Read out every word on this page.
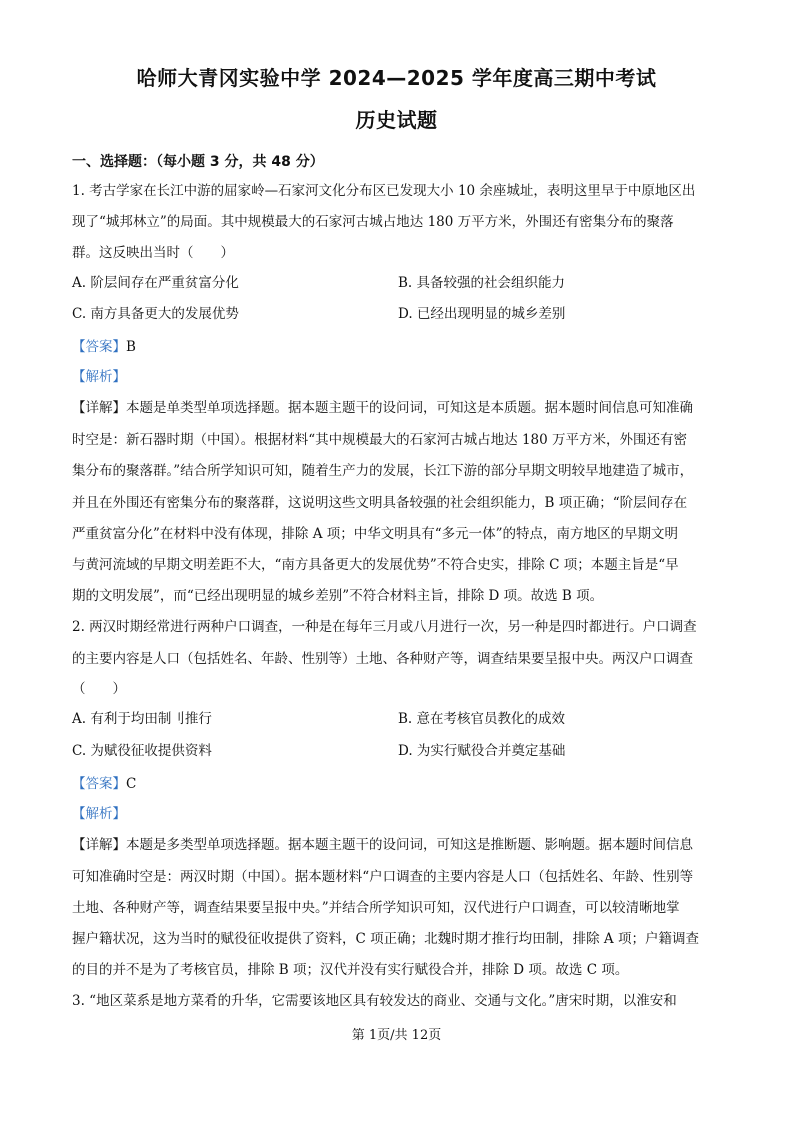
哈师大青冈实验中学 2024—2025 学年度高三期中考试
历史试题
一、选择题：（每小题 3 分，共 48 分）
1. 考古学家在长江中游的屈家岭—石家河文化分布区已发现大小 10 余座城址，表明这里早于中原地区出
现了“城邦林立”的局面。其中规模最大的石家河古城占地达 180 万平方米，外围还有密集分布的聚落
群。这反映出当时（　　）
A. 阶层间存在严重贫富分化	B. 具备较强的社会组织能力
C. 南方具备更大的发展优势	D. 已经出现明显的城乡差别
【答案】B
【解析】
【详解】本题是单类型单项选择题。据本题主题干的设问词，可知这是本质题。据本题时间信息可知准确
时空是：新石器时期（中国）。根据材料“其中规模最大的石家河古城占地达 180 万平方米，外围还有密
集分布的聚落群。”结合所学知识可知，随着生产力的发展，长江下游的部分早期文明较早地建造了城市，
并且在外围还有密集分布的聚落群，这说明这些文明具备较强的社会组织能力，B 项正确；“阶层间存在
严重贫富分化”在材料中没有体现，排除 A 项；中华文明具有“多元一体”的特点，南方地区的早期文明
与黄河流域的早期文明差距不大，“南方具备更大的发展优势”不符合史实，排除 C 项；本题主旨是“早
期的文明发展”，而“已经出现明显的城乡差别”不符合材料主旨，排除 D 项。故选 B 项。
2. 两汉时期经常进行两种户口调查，一种是在每年三月或八月进行一次，另一种是四时都进行。户口调查
的主要内容是人口（包括姓名、年龄、性别等）土地、各种财产等，调查结果要呈报中央。两汉户口调查
（　　）
A. 有利于均田制刂推行	B. 意在考核官员教化的成效
C. 为赋役征收提供资料	D. 为实行赋役合并奠定基础
【答案】C
【解析】
【详解】本题是多类型单项选择题。据本题主题干的设问词，可知这是推断题、影响题。据本题时间信息
可知准确时空是：两汉时期（中国）。据本题材料“户口调查的主要内容是人口（包括姓名、年龄、性别等
土地、各种财产等，调查结果要呈报中央。”并结合所学知识可知，汉代进行户口调查，可以较清晰地掌
握户籍状况，这为当时的赋役征收提供了资料，C 项正确；北魏时期才推行均田制，排除 A 项；户籍调查
的目的并不是为了考核官员，排除 B 项；汉代并没有实行赋役合并，排除 D 项。故选 C 项。
3. “地区菜系是地方菜肴的升华，它需要该地区具有较发达的商业、交通与文化。”唐宋时期，以淮安和
第 1页/共 12页
